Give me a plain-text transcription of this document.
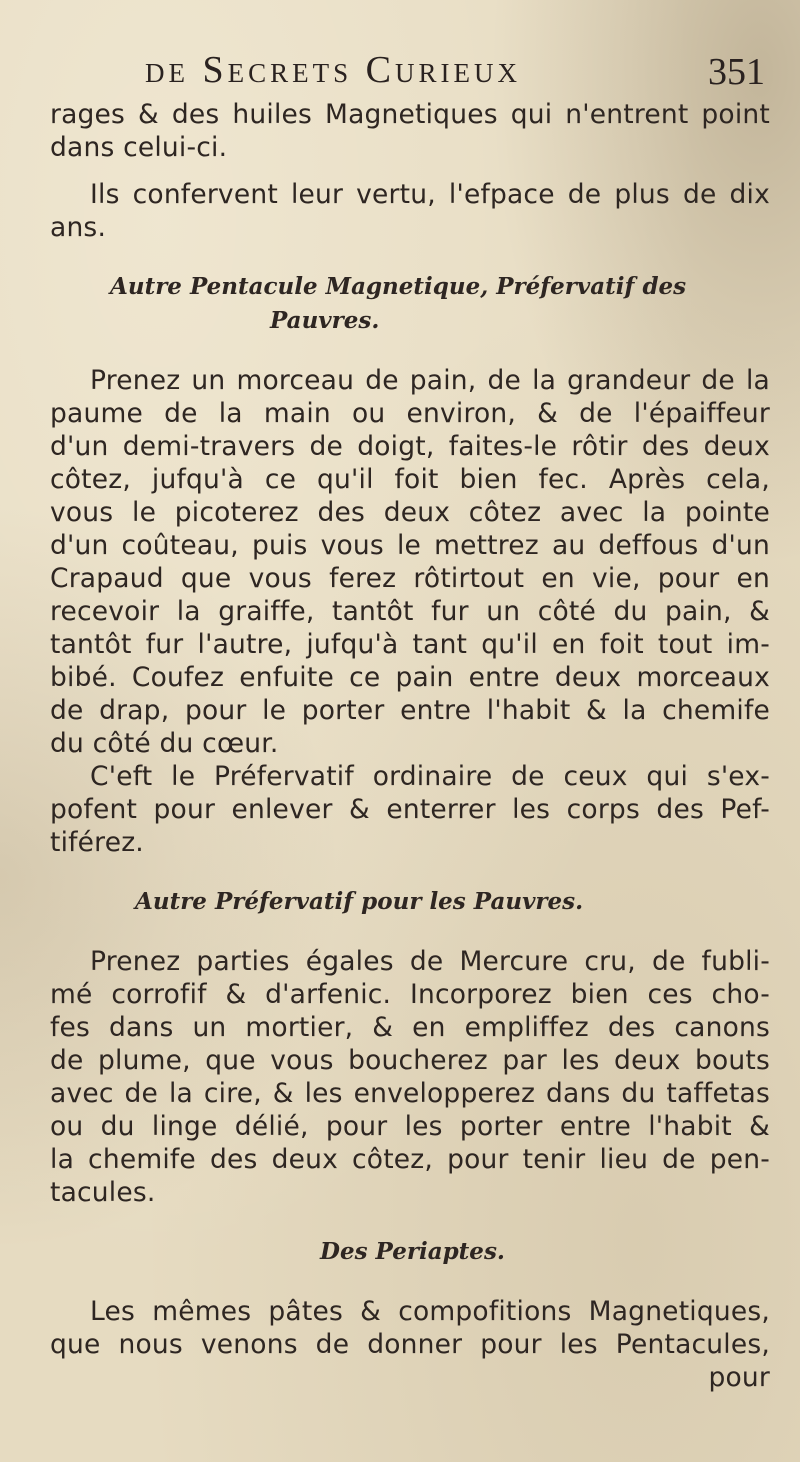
de Secrets Curieux	351
rages & des huiles Magnetiques qui n'entrent point
dans celui-ci.
Ils confervent leur vertu, l'efpace de plus de dix
ans.
Autre Pentacule Magnetique, Préfervatif des
Pauvres.
Prenez un morceau de pain, de la grandeur de la
paume de la main ou environ, & de l'épaiffeur
d'un demi-travers de doigt, faites-le rôtir des deux
côtez, jufqu'à ce qu'il foit bien fec. Après cela,
vous le picoterez des deux côtez avec la pointe
d'un coûteau, puis vous le mettrez au deffous d'un
Crapaud que vous ferez rôtirtout en vie, pour en
recevoir la graiffe, tantôt fur un côté du pain, &
tantôt fur l'autre, jufqu'à tant qu'il en foit tout im-
bibé. Coufez enfuite ce pain entre deux morceaux
de drap, pour le porter entre l'habit & la chemife
du côté du cœur.
C'eft le Préfervatif ordinaire de ceux qui s'ex-
pofent pour enlever & enterrer les corps des Pef-
tiférez.
Autre Préfervatif pour les Pauvres.
Prenez parties égales de Mercure cru, de fubli-
mé corrofif & d'arfenic. Incorporez bien ces cho-
fes dans un mortier, & en empliffez des canons
de plume, que vous boucherez par les deux bouts
avec de la cire, & les envelopperez dans du taffetas
ou du linge délié, pour les porter entre l'habit &
la chemife des deux côtez, pour tenir lieu de pen-
tacules.
Des Periaptes.
Les mêmes pâtes & compofitions Magnetiques,
que nous venons de donner pour les Pentacules,
pour
